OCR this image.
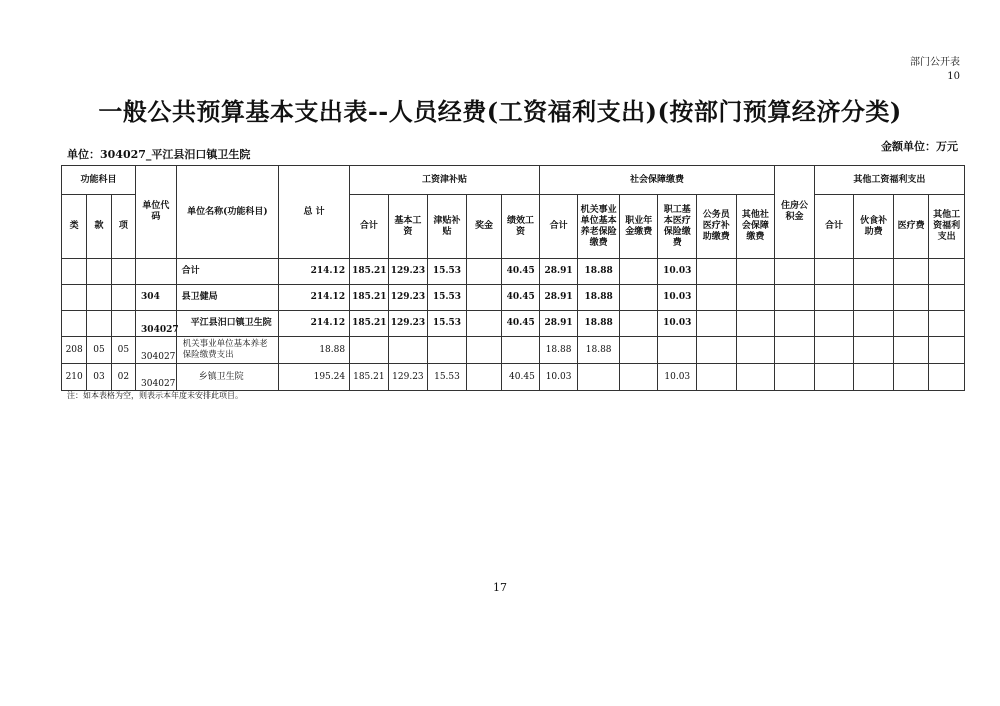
部门公开表
10
一般公共预算基本支出表--人员经费(工资福利支出)(按部门预算经济分类)
单位：304027_平江县汨口镇卫生院
金额单位：万元
功能科目			单位代码	单位名称(功能科目)	总 计	工资津补贴					社会保障缴费						住房公积金	其他工资福利支出			
类	款	项				合计	基本工资	津贴补贴	奖金	绩效工资	合计	机关事业单位基本养老保险缴费	职业年金缴费	职工基本医疗保险缴费	公务员医疗补助缴费	其他社会保障缴费		合计	伙食补助费	医疗费	其他工资福利支出
				合计	214.12	185.21	129.23	15.53		40.45	28.91	18.88		10.03							
			304	县卫健局	214.12	185.21	129.23	15.53		40.45	28.91	18.88		10.03							
			304027	平江县汨口镇卫生院	214.12	185.21	129.23	15.53		40.45	28.91	18.88		10.03							
208	05	05	304027	机关事业单位基本养老保险缴费支出	18.88						18.88	18.88									
210	03	02	304027	乡镇卫生院	195.24	185.21	129.23	15.53		40.45	10.03			10.03							
注：如本表格为空，则表示本年度未安排此项目。
17
